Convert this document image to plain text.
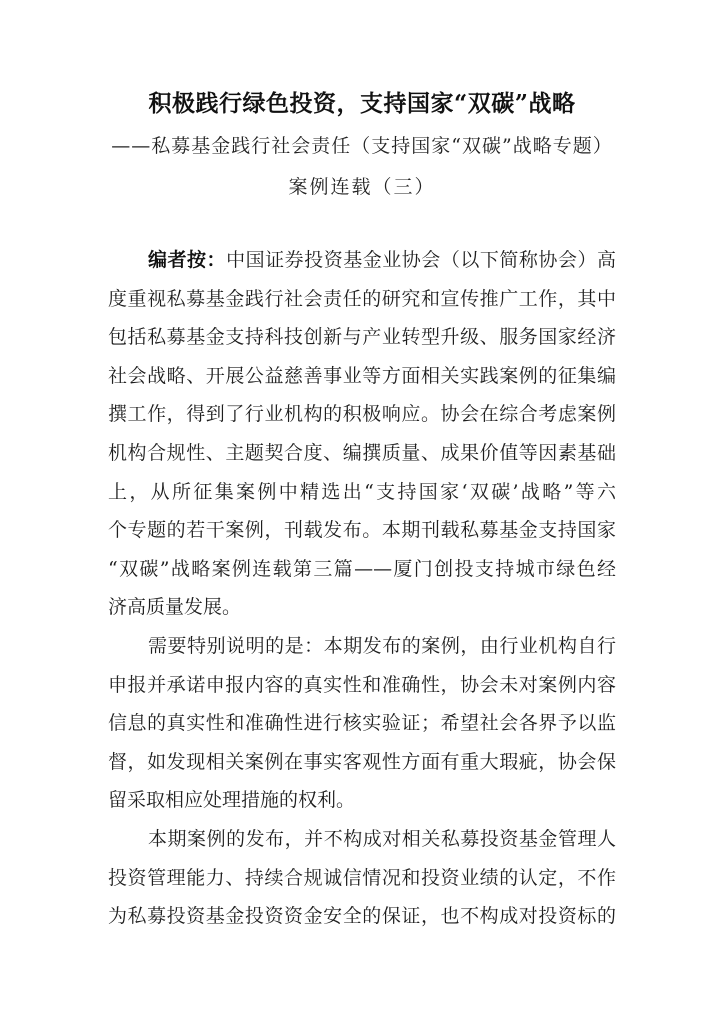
积极践行绿色投资，支持国家“双碳”战略
——私募基金践行社会责任（支持国家“双碳”战略专题）
案例连载（三）
编者按：中国证券投资基金业协会（以下简称协会）高
度重视私募基金践行社会责任的研究和宣传推广工作，其中
包括私募基金支持科技创新与产业转型升级、服务国家经济
社会战略、开展公益慈善事业等方面相关实践案例的征集编
撰工作，得到了行业机构的积极响应。协会在综合考虑案例
机构合规性、主题契合度、编撰质量、成果价值等因素基础
上，从所征集案例中精选出“支持国家‘双碳’战略”等六
个专题的若干案例，刊载发布。本期刊载私募基金支持国家
“双碳”战略案例连载第三篇——厦门创投支持城市绿色经
济高质量发展。
需要特别说明的是：本期发布的案例，由行业机构自行
申报并承诺申报内容的真实性和准确性，协会未对案例内容
信息的真实性和准确性进行核实验证；希望社会各界予以监
督，如发现相关案例在事实客观性方面有重大瑕疵，协会保
留采取相应处理措施的权利。
本期案例的发布，并不构成对相关私募投资基金管理人
投资管理能力、持续合规诚信情况和投资业绩的认定，不作
为私募投资基金投资资金安全的保证，也不构成对投资标的
